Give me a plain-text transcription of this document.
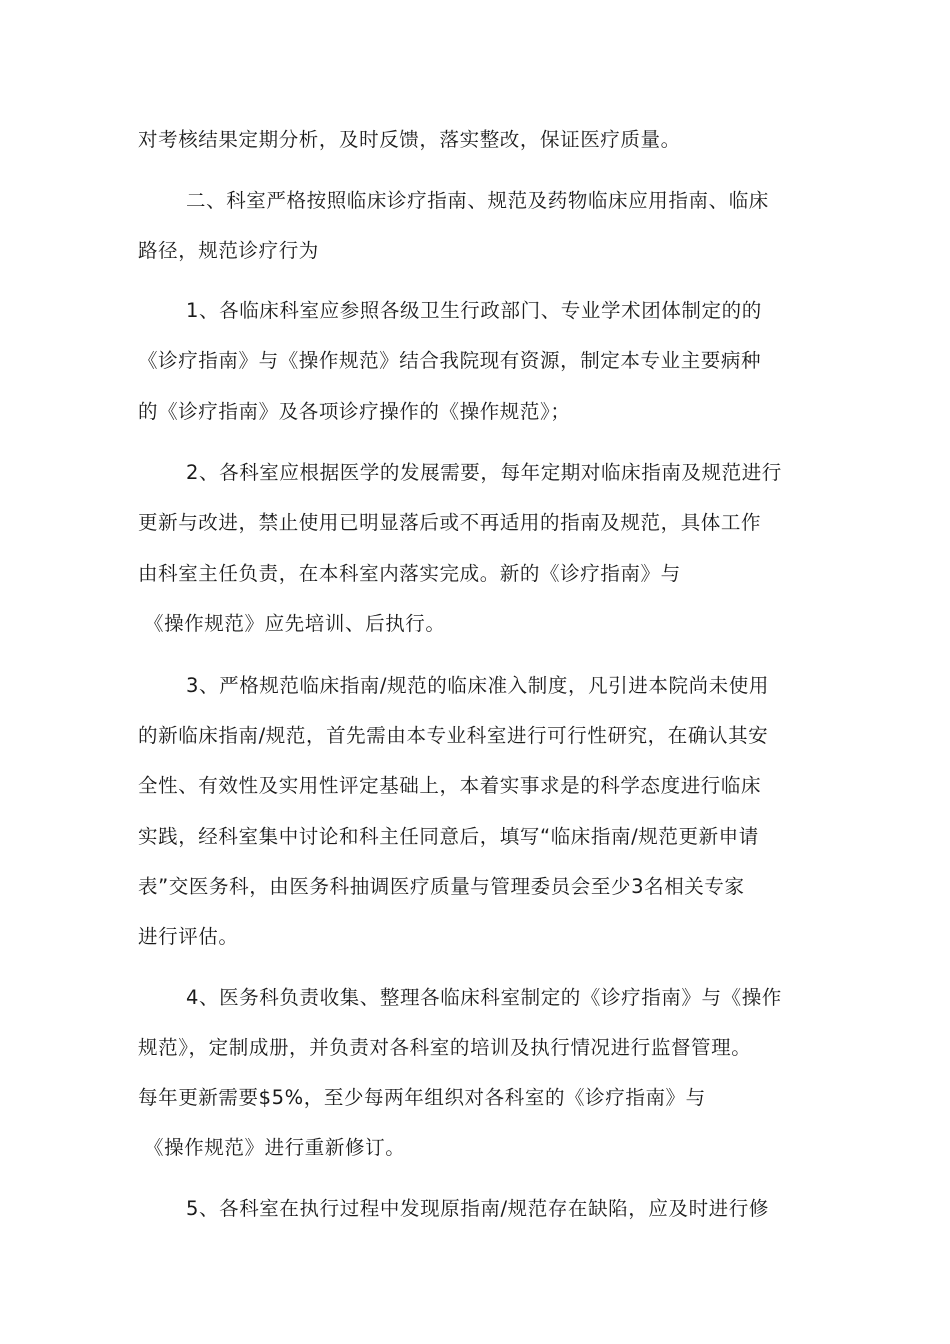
对考核结果定期分析，及时反馈，落实整改，保证医疗质量。
二、科室严格按照临床诊疗指南、规范及药物临床应用指南、临床
路径，规范诊疗行为
1、各临床科室应参照各级卫生行政部门、专业学术团体制定的的
《诊疗指南》与《操作规范》结合我院现有资源，制定本专业主要病种
的《诊疗指南》及各项诊疗操作的《操作规范》；
2、各科室应根据医学的发展需要，每年定期对临床指南及规范进行
更新与改进，禁止使用已明显落后或不再适用的指南及规范，具体工作
由科室主任负责，在本科室内落实完成。新的《诊疗指南》与
《操作规范》应先培训、后执行。
3、严格规范临床指南/规范的临床准入制度，凡引进本院尚未使用
的新临床指南/规范，首先需由本专业科室进行可行性研究，在确认其安
全性、有效性及实用性评定基础上，本着实事求是的科学态度进行临床
实践，经科室集中讨论和科主任同意后，填写“临床指南/规范更新申请
表”交医务科，由医务科抽调医疗质量与管理委员会至少3名相关专家
进行评估。
4、医务科负责收集、整理各临床科室制定的《诊疗指南》与《操作
规范》，定制成册，并负责对各科室的培训及执行情况进行监督管理。
每年更新需要$5%，至少每两年组织对各科室的《诊疗指南》与
《操作规范》进行重新修订。
5、各科室在执行过程中发现原指南/规范存在缺陷，应及时进行修
